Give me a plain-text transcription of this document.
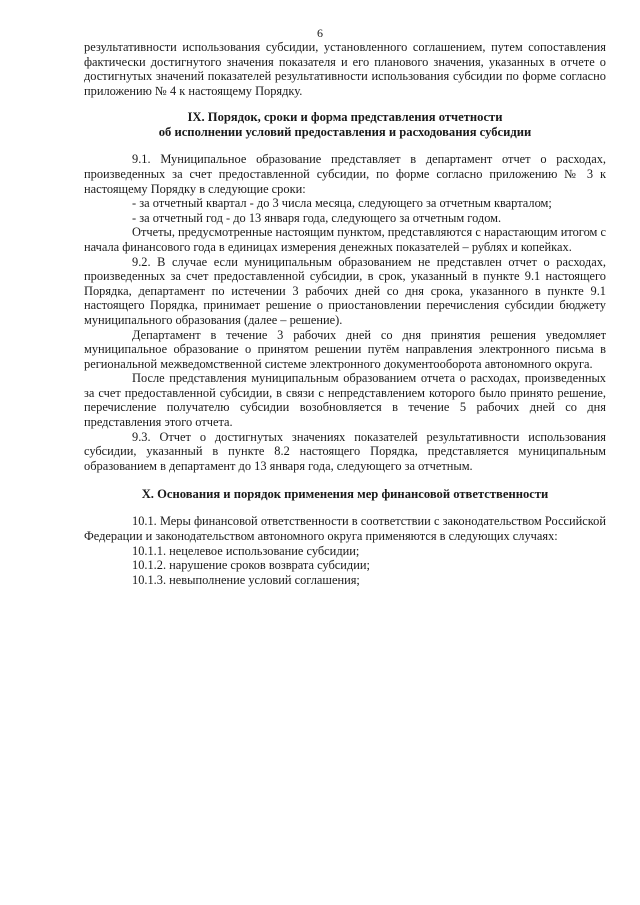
6

результативности использования субсидии, установленного соглашением, путем сопоставления фактически достигнутого значения показателя и его планового значения, указанных в отчете о достигнутых значений показателей результативности использования субсидии по форме согласно приложению № 4 к настоящему Порядку.

IX. Порядок, сроки и форма представления отчетности
об исполнении условий предоставления и расходования субсидии

9.1. Муниципальное образование представляет в департамент отчет о расходах, произведенных за счет предоставленной субсидии, по форме согласно приложению № 3 к настоящему Порядку в следующие сроки:

- за отчетный квартал - до 3 числа месяца, следующего за отчетным кварталом;

- за отчетный год - до 13 января года, следующего за отчетным годом.

Отчеты, предусмотренные настоящим пунктом, представляются с нарастающим итогом с начала финансового года в единицах измерения денежных показателей – рублях и копейках.

9.2. В случае если муниципальным образованием не представлен отчет о расходах, произведенных за счет предоставленной субсидии, в срок, указанный в пункте 9.1 настоящего Порядка, департамент по истечении 3 рабочих дней со дня срока, указанного в пункте 9.1 настоящего Порядка, принимает решение о приостановлении перечисления субсидии бюджету муниципального образования (далее – решение).

Департамент в течение 3 рабочих дней со дня принятия решения уведомляет муниципальное образование о принятом решении путём направления электронного письма в региональной межведомственной системе электронного документооборота автономного округа.

После представления муниципальным образованием отчета о расходах, произведенных за счет предоставленной субсидии, в связи с непредставлением которого было принято решение, перечисление получателю субсидии возобновляется в течение 5 рабочих дней со дня представления этого отчета.

9.3. Отчет о достигнутых значениях показателей результативности использования субсидии, указанный в пункте 8.2 настоящего Порядка, представляется муниципальным образованием в департамент до 13 января года, следующего за отчетным.

X. Основания и порядок применения мер финансовой ответственности

10.1. Меры финансовой ответственности в соответствии с законодательством Российской Федерации и законодательством автономного округа применяются в следующих случаях:

10.1.1. нецелевое использование субсидии;

10.1.2. нарушение сроков возврата субсидии;

10.1.3. невыполнение условий соглашения;
